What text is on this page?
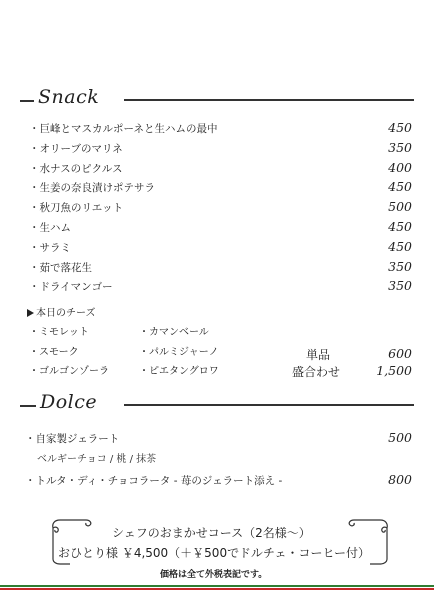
Snack
・巨峰とマスカルポーネと生ハムの最中	450
・オリーブのマリネ	350
・水ナスのピクルス	400
・生姜の奈良漬けポテサラ	450
・秋刀魚のリエット	500
・生ハム	450
・サラミ	450
・茹で落花生	350
・ドライマンゴー	350
本日のチーズ
・ミモレット	・カマンベール
・スモーク	・パルミジャーノ
・ゴルゴンゾーラ	・ピエタングロワ
単品	600
盛合わせ	1,500
Dolce
・自家製ジェラート	500
ベルギーチョコ / 桃 / 抹茶
・トルタ・ディ・チョコラータ - 苺のジェラート添え -	800
シェフのおまかせコース（2名様〜）
おひとり様 ￥4,500（＋￥500でドルチェ・コーヒー付）
価格は全て外税表記です。
